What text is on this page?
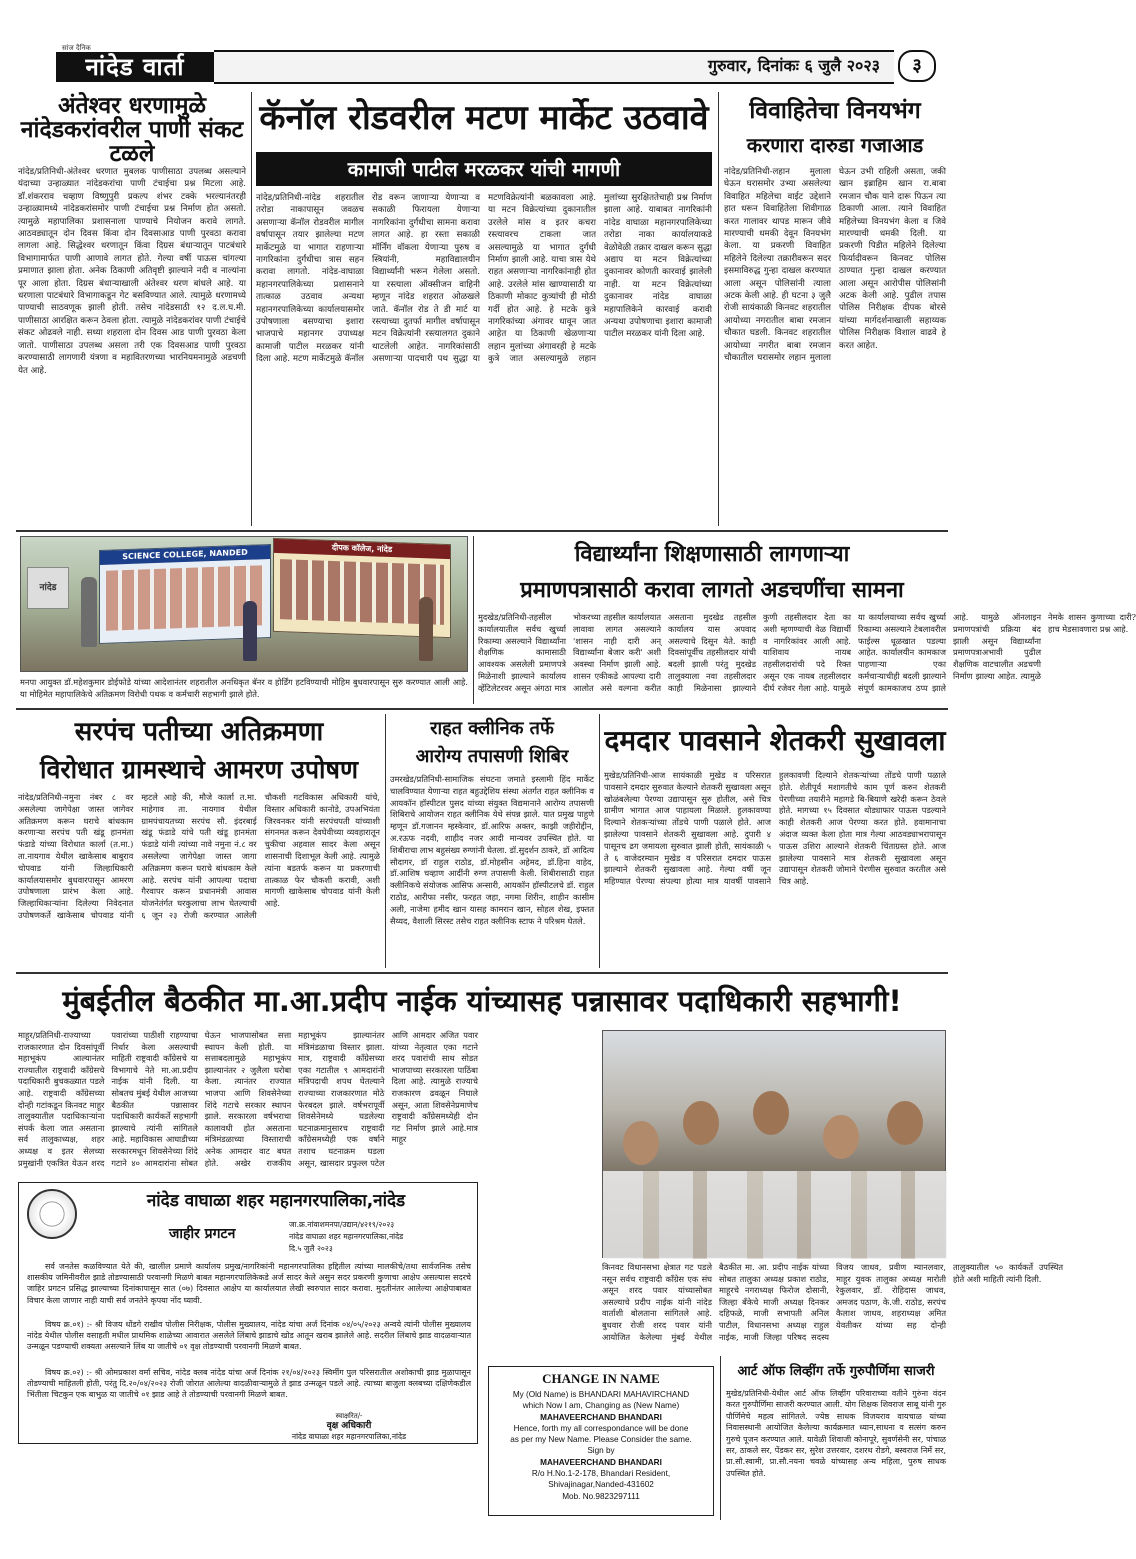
सांज दैनिक
नांदेड वार्ता	गुरुवार, दिनांकः ६ जुलै २०२३	३
अंतेश्वर धरणामुळे नांदेडकरांवरील पाणी संकट टळले
नांदेड/प्रतिनिधी-अंतेश्वर धरणात मुबलक पाणीसाठा उपलब्ध असल्याने यंदाच्या उन्हाळ्यात नांदेडकरांचा पाणी टंचाईचा प्रश्न मिटला आहे. डॉ.शंकरराव चव्हाण विष्णुपुरी प्रकल्प शंभर टक्के भरल्यानंतरही उन्हाळ्यामध्ये नांदेडकरांसमोर पाणी टंचाईचा प्रश्न निर्माण होत असतो. त्यामुळे महापालिका प्रशासनाला पाण्याचे नियोजन करावे लागते. आठवड्यातून दोन दिवस किंवा दोन दिवसाआड पाणी पुरवठा करावा लागला आहे. सिद्धेश्वर धरणातून किंवा दिग्रस बंधाऱ्यातून पाटबंधारे विभागामार्फत पाणी आणावे लागत होते. गेल्या वर्षी पाऊस चांगल्या प्रमाणात झाला होता. अनेक ठिकाणी अतिवृष्टी झाल्याने नदी व नाल्यांना पूर आला होता. दिग्रस बंधाऱ्याखाली अंतेश्वर धरण बांधले आहे. या धरणाला पाटबंधारे विभागाकडून गेट बसविण्यात आले. त्यामुळे धरणामध्ये पाण्याची साठवणूक झाली होती. तसेच नांदेडसाठी १२ द.ल.घ.मी. पाणीसाठा आरक्षित करून ठेवला होता. त्यामुळे नांदेडकरांवर पाणी टंचाईचे संकट ओढवले नाही. सध्या शहराला दोन दिवस आड पाणी पुरवठा केला जातो. पाणीसाठा उपलब्ध असला तरी एक दिवसआड पाणी पुरवठा करण्यासाठी लागणारी यंत्रणा व महावितरणच्या भारनियमनामुळे अडचणी येत आहे.
कॅनॉल रोडवरील मटण मार्केट उठवावे
कामाजी पाटील मरळकर यांची मागणी
नांदेड/प्रतिनिधी-नांदेड शहरातील तरोडा नाकापासून जवळच असणाऱ्या कॅनॉल रोडवरील मागील वर्षापासून तयार झालेल्या मटण मार्केटमुळे या भागात राहणाऱ्या नागरिकांना दुर्गंधीचा त्रास सहन करावा लागतो. नांदेड-वाघाळा महानगरपालिकेच्या प्रशासनाने तात्काळ उठवाव अन्यथा महानगरपालिकेच्या कार्यालयासमोर उपोषणाला बसण्याचा इशारा भाजपाचे महानगर उपाध्यक्ष कामाजी पाटील मरळकर यांनी दिला आहे. मटण मार्केटमुळे कॅनॉल रोड वरून जाणाऱ्या येणाऱ्या व सकाळी फिरायला येणाऱ्या नागरिकांना दुर्गंधीचा सामना करावा लागत आहे. हा रस्ता सकाळी मॉर्निंग वॉकला येणाऱ्या पुरुष व स्त्रियांनी, महाविद्यालयीन विद्यार्थ्यांनी भरून गेलेला असतो. या रस्त्याला ऑक्सीजन वाहिनी म्हणून नांदेड शहरात ओळखले जाते. कॅनॉल रोड ते डी मार्ट या रस्त्याच्या दुतर्फा मागील वर्षापासून मटन विक्रेत्यांनी रस्त्यालगत दुकाने थाटलेली आहेत. नागरिकांसाठी असणाऱ्या पादचारी पथ सुद्धा या मटणविक्रेत्यांनी बळकावला आहे. या मटन विक्रेत्यांच्या दुकानातील उरलेले मांस व इतर कचरा रस्त्यावरच टाकला जात असल्यामुळे या भागात दुर्गंधी निर्माण झाली आहे. याचा त्रास येथे राहत असणाऱ्या नागरिकांनाही होत आहे. उरलेले मांस खाण्यासाठी या ठिकाणी मोकाट कुत्र्यांची ही मोठी गर्दी होत आहे. हे मटके कुत्रे नागरिकांच्या अंगावर धावून जात आहेत या ठिकाणी खेळणाऱ्या लहान मुलांच्या अंगावरही हे मटके कुत्रे जात असल्यामुळे लहान मुलांच्या सुरक्षिततेचाही प्रश्न निर्माण झाला आहे. याबाबत नागरिकांनी नांदेड वाघाळा महानगरपालिकेच्या तरोडा नाका कार्यालयाकडे वेळोवेळी तक्रार दाखल करून सुद्धा अद्याप या मटन विक्रेत्यांच्या दुकानावर कोणती कारवाई झालेली नाही. या मटन विक्रेत्यांच्या दुकानावर नांदेड वाघाळा महापालिकेने कारवाई करावी अन्यथा उपोषणाचा इशारा कामाजी पाटील मरळकर यांनी दिला आहे.
विवाहितेचा विनयभंग
करणारा दारुडा गजाआड
नांदेड/प्रतिनिधी-लहान मुलाला घेऊन घरासमोर उभ्या असलेल्या विवाहित महिलेचा वाईट उद्देशाने हात धरून विवाहितेला शिवीगाळ करत गालावर थापड मारून जीवे मारण्याची धमकी देवून विनयभंग केला. या प्रकरणी विवाहित महिलेने दिलेल्या तक्रारीवरून सदर इसमाविरुद्ध गुन्हा दाखल करण्यात आला असून पोलिसांनी त्याला अटक केली आहे. ही घटना ३ जुलै रोजी सायंकाळी किनवट शहरातील आयोध्या नगरातील बाबा रमजान चौकात घडली. किनवट शहरातील आयोध्या नगरीत बाबा रमजान चौकातील घरासमोर लहान मुलाला घेऊन उभी राहिली असता, जकी खान इब्राहिम खान रा.बाबा रमजान चौक याने दारू पिऊन त्या ठिकाणी आला. त्याने विवाहित महिलेच्या विनयभंग केला व जिवे मारण्याची धमकी दिली. या प्रकरणी पिडीत महिलेने दिलेल्या फिर्यादीवरून किनवट पोलिस ठाण्यात गुन्हा दाखल करण्यात आला असून आरोपीस पोलिसांनी अटक केली आहे. पुढील तपास पोलिस निरीक्षक दीपक बोरसे यांच्या मार्गदर्शनाखाली सहाय्यक पोलिस निरीक्षक विशाल वाढवे हे करत आहेत.
नांदेड
SCIENCE COLLEGE, NANDED	दीपक कॉलेज, नांदेड
मनपा आयुक्त डॉ.महेशकुमार डोईफोडे यांच्या आदेशानंतर शहरातील अनधिकृत बॅनर व होर्डिंग हटविण्याची मोहिम बुधवारपासून सुरु करण्यात आली आहे. या मोहिमेत महापालिकेचे अतिक्रमण विरोधी पथक व कर्मचारी सहभागी झाले होते.
विद्यार्थ्यांना शिक्षणासाठी लागणाऱ्या
प्रमाणपत्रासाठी करावा लागतो अडचणींचा सामना
मुदखेड/प्रतिनिधी-तहसील कार्यालयातील सर्वच खुर्च्या रिकाम्या असल्याने विद्यार्थ्यांना शैक्षणिक कामासाठी आवश्यक असलेली प्रमाणपत्रे मिळेनाशी झाल्याने कार्यालय व्हेंटिलेटरवर असून अंगठा मात्र भोकरच्या तहसील कार्यालयात लावावा लागत असल्याने 'शासन नाही दारी अन् विद्यार्थ्यांना बेजार करी' अशी अवस्था निर्माण झाली आहे. शासन एकीकडे आपल्या दारी आलोत असे वल्गना करीत असताना मुदखेड तहसील कार्यालय यास अपवाद असल्याचे दिसून येते. काही दिवसांपूर्वीच तहसीलदार यांची बदली झाली परंतु मुदखेड तालुक्याला नवा तहसीलदार काही मिळेनासा झाल्याने कुणी तहसीलदार देता का अशी म्हणण्याची वेळ विद्यार्थी व नागरिकांवर आली आहे. याशिवाय नायब तहसीलदारांची पदे रिक्त असून एक नायब तहसीलदार दीर्घ रजेवर गेला आहे. यामुळे या कार्यालयाच्या सर्वच खुर्च्या रिकाम्या असल्याने टेबलावरील फाईल्स धूळखात पडल्या आहेत. कार्यालयीन कामकाज पाहणाऱ्या एका कर्मचाऱ्याचीही बदली झाल्याने संपूर्ण कामकाजच ठप्प झाले आहे. यामुळे ऑनलाइन प्रमाणपत्रांची प्रक्रिया बंद झाली असून विद्यार्थ्यांना प्रमाणपत्राअभावी पुढील शैक्षणिक वाटचालीत अडचणी निर्माण झाल्या आहेत. त्यामुळे नेमके शासन कुणाच्या दारी? हाच मेडसावणारा प्रश्न आहे.
सरपंच पतीच्या अतिक्रमणा
विरोधात ग्रामस्थाचे आमरण उपोषण
नांदेड/प्रतिनिधी-नमुना नंबर ८ वर असलेल्या जागेपेक्षा जास्त जागेवर अतिक्रमण करून घराचे बांधकाम करणाऱ्या सरपंच पती खंडू हानमंता फंडाडे यांच्या विरोधात कार्ला (त.मा.) ता.नायगाव येथील खाकेसाब बाबुराव चोपवाड यांनी जिल्हाधिकारी कार्यालयासमोर बुधवारपासून आमरण उपोषणाला प्रारंभ केला आहे. जिल्हाधिकाऱ्यांना दिलेल्या निवेदनात उपोषणकर्ते खाकेसाब चोपवाड यांनी म्हटले आहे की, मौजे कार्ला त.मा. माहेगाव ता. नायगाव येथील ग्रामपंचायतच्या सरपंच सौ. इंदरबाई खंडू फंडाडे यांचे पती खंडू हानमंता फंडाडे यांनी त्यांच्या नावे नमुना नं.८ वर असलेल्या जागेपेक्षा जास्त जागा अतिक्रमण करून घराचे बांधकाम केले आहे. सरपंच यांनी आपल्या पदाचा गैरवापर करून प्रधानमंत्री आवास योजनेतंर्गत घरकुलाचा लाभ घेतल्याची ६ जून २३ रोजी करण्यात आलेली चौकशी गटविकास अधिकारी यांचे, विस्तार अधिकारी कानोडे, उपअभियंता जिरवनकर यांनी सरपंचपती यांच्याशी संगनमत करून देवघेवीच्या व्यवहारातून चुकीचा अहवाल सादर केला असून शासनाची दिशाभूल केली आहे. त्यामुळे त्यांना बडतर्फ करून या प्रकरणाची तात्काळ फेर चौकशी करावी, अशी मागणी खाकेसाब चोपवाड यांनी केली आहे.
राहत क्लीनिक तर्फे
आरोग्य तपासणी शिबिर
उमरखेड/प्रतिनिधी-सामाजिक संघटना जमाते इस्लामी हिंद मार्केट चालविण्यात येणाऱ्या राहत बहुउद्देशिय संस्था अंतर्गत राहत क्लीनिक व आयकॉन हॉस्पीटल पुसद यांच्या संयुक्त विद्यमानाने आरोग्य तपासणी शिबिराचे आयोजन राहत क्लीनिक येथे संपन्न झाले. यात प्रमुख पाहुणे म्हणून डॉ.गजानन म्हस्केवार, डॉ.आरिफ अक्तर, काझी जहीरोद्दीन, अ.रऊफ नदवी, शाहीद नजर आदी मान्यवर उपस्थित होते. या शिबीराचा लाभ बहुसंख्य रुग्णांनी घेतला. डॉ.सुदर्शन ठाकरे, डॉ आदित्य सौदागर, डॉ राहुल राठोड, डॉ.मोहसीन अहेमद, डॉ.हिना वाहेद, डॉ.आशिष चव्हाण आदींनी रुग्ण तपासणी केली. शिबीरासाठी राहत क्लीनिकचे संयोजक आसिफ अन्सारी, आयकॉन हॉस्पीटलचे डॉ. राहुल राठोड, आरीफा नसीर, फरहत जहा, नगमा शिरीन, शाहीन कासीम अली, नाजेमा हमीद खान यासह कामरान खान, सोहल शेख, इफ्तत सैय्यद, वैशाली सिरस्ट तसेच राहत क्लीनिक स्टाफ ने परिश्रम घेतले.
दमदार पावसाने शेतकरी सुखावला
मुखेड/प्रतिनिधी-आज सायंकाळी मुखेड व परिसरात पावसाने दमदार सुरुवात केल्याने शेतकरी सुखावला असून खोळंबलेल्या पेरण्या उद्यापासून सुरु होतील, असे चित्र ग्रामीण भागात आज पाहायला मिळाले. हुलकावण्या दिल्याने शेतकऱ्यांच्या तोंडचे पाणी पळाले होते. आज झालेल्या पावसाने शेतकरी सुखावला आहे. दुपारी ४ पासूनच ढग जमायला सुरुवात झाली होती, सायंकाळी ५ ते ६ वाजेदरम्यान मुखेड व परिसरात दमदार पाऊस झाल्याने शेतकरी सुखावला आहे. गेल्या वर्षी जून महिण्यात पेरण्या संपल्या होत्या मात्र यावर्षी पावसाने हुलकावणी दिल्याने शेतकऱ्यांच्या तोंडचे पाणी पळाले होते. शेतीपूर्व मशागतीचे काम पूर्ण करुन शेतकरी पेरणीच्या तयारीने महागडे बि-बियाणे खरेदी करून ठेवले होते. मागच्या १५ दिवसात थोड्याफार पाऊस पडल्याने काही शेतकरी आज पेरण्या करत होते. हवामानाचा अंदाज व्यक्त केला होता मात्र गेल्या आठवड्याभरापासून पाऊस उशिरा आल्याने शेतकरी चिंताग्रस्त होते. आज झालेल्या पावसाने मात्र शेतकरी सुखावला असून उद्यापासून शेतकरी जोमाने पेरणीस सुरुवात करतील असे चित्र आहे.
मुंबईतील बैठकीत मा.आ.प्रदीप नाईक यांच्यासह पन्नासावर पदाधिकारी सहभागी!
माहूर/प्रतिनिधी-राज्याच्या राजकारणात दोन दिवसांपूर्वी महाभूकंप आल्यानंतर राज्यातील राष्ट्रवादी काँग्रेसचे पदाधिकारी बुचकळ्यात पडले आहे. राष्ट्रवादी काँग्रेसच्या दोन्ही गटांकडून किनवट माहूर तालुक्यातील पदाधिकाऱ्यांना संपर्क केला जात असताना सर्व तालुकाध्यक्ष, शहर अध्यक्ष व इतर सेलच्या प्रमुखांनी एकत्रित येऊन शरद पवारांच्या पाठीशी राहण्याचा निर्धार केला असल्याची माहिती राष्ट्रवादी काँग्रेसचे या विभागाचे नेते मा.आ.प्रदीप नाईक यांनी दिली. या सोबतच मुंबई येथील आजच्या बैठकीत पन्नासावर पदाधिकारी कार्यकर्ते सहभागी झाल्याचे त्यांनी सांगितले आहे. महाविकास आघाडीच्या सरकारमधून शिवसेनेच्या शिंदे गटाने ४० आमदारांना सोबत घेऊन भाजपासोबत सत्ता स्थापन केली होती. या सत्ताबदलामुळे महाभूकंप झाल्यानंतर २ जुलैला घरोबा केला. त्यानंतर राज्यात भाजपा आणि शिवसेनेच्या शिंदे गटाचे सरकार स्थापन झाले. सरकारला वर्षभराचा कालावधी होत असताना मंत्रिमंडळाच्या विस्ताराची अनेक आमदार वाट बघत होते. अखेर राजकीय महाभूकंप झाल्यानंतर मंत्रिमंडळाचा विस्तार झाला. मात्र, राष्ट्रवादी काँग्रेसच्या एका गटातील ९ आमदारांनी मंत्रिपदाची शपथ घेतल्याने राज्याच्या राजकारणात मोठे फेरबदल झाले. वर्षभरापूर्वी शिवसेनेमध्ये घडलेल्या घटनाक्रमानुसारच राष्ट्रवादी काँग्रेसमध्येही एक वर्षाने तशाच घटनाक्रम घडला असून, खासदार प्रफुल्ल पटेल आणि आमदार अजित पवार यांच्या नेतृत्वात एका गटाने शरद पवारांची साथ सोडत भाजपाच्या सरकारला पाठिंबा दिला आहे. त्यामुळे राज्याचे राजकारण ढवळून निघाले असून, आता शिवसेनेप्रमाणेच राष्ट्रवादी काँग्रेसमध्येही दोन गट निर्माण झाले आहे.मात्र माहूर
किनवट विधानसभा क्षेत्रात गट पडले नसून सर्वच राष्ट्रवादी काँग्रेस एक संघ असून शरद पवार यांच्यासोबत असल्याचे प्रदीप नाईक यांनी नांदेड वार्ताशी बोलताना सांगितले आहे. बुधवार रोजी शरद पवार यांनी आयोजित केलेल्या मुंबई येथील बैठकीत मा. आ. प्रदीप नाईक यांच्या सोबत तालुका अध्यक्ष प्रकाश राठोड, माहूरचे नगराध्यक्ष फिरोज दोसानी, जिल्हा बँकेचे माजी अध्यक्ष दिनकर दहिफळे, माजी सभापती अनिल पाटील, विधानसभा अध्यक्ष राहुल नाईक, माजी जिल्हा परिषद सदस्य विजय जाधव, प्रवीण म्यानलवार, माहूर युवक तालुका अध्यक्ष मारोती रेकुलवार, डॉ. रोहिदास जाधव, अमजद पठाण, के.जी. राठोड, सरपंच कैलाश जाधव, शहराध्यक्ष अमित येवतीकर यांच्या सह दोन्ही तालुक्यातील ५० कार्यकर्ते उपस्थित होते अशी माहिती त्यांनी दिली.
नांदेड वाघाळा शहर महानगरपालिका,नांदेड
जाहीर प्रगटन
जा.क्र.नांवाशमनपा/उद्यान/४२१९/२०२३
नांदेड वाघाळा शहर महानगरपालिका,नांदेड
दि.५ जुलै २०२३
सर्व जनतेस कळविण्यात येते की, खालील प्रमाणे कार्यालय प्रमुख/नागरिकांनी महानगरपालिका हद्दितील त्यांच्या मालकीचे/तथा सार्वजनिक तसेच शासकीय जमिनीवरील झाडे तोडण्यासाठी परवानगी मिळणे बाबत महानगरपालिकेकडे अर्ज सादर केले असुन सदर प्रकरणी कुणाचा आक्षेप असल्यास सदरचे जाहिर प्रगटन प्रसिद्ध झाल्याच्या दिनांकापासून सात (०७) दिवसात आक्षेप या कार्यालयात लेखी स्वरुपात सादर करावा. मुदतीनंतर आलेल्या आक्षेपाबाबत विचार केला जाणार नाही याची सर्व जनतेने कृपया नोंद घ्यावी.
विषय क्र.०१) :- श्री विजय धोंडगे राखीव पोलीस निरीक्षक, पोलीस मुख्यालय, नांदेड यांचा अर्ज दिनांक ०४/०५/२०२३ अन्वये त्यांनी पोलीस मुख्यालय नांदेड येथील पोलीस वसाहती मधील प्राथमिक शाळेच्या आवारात असलेले लिंबाचे झाडाचे खोड आतून खराब झालेले आहे. सदरील लिंबाचे झाड वादळवाऱ्यात उन्मळून पडण्याची शक्यता असल्याने लिंब या जातीचे ०१ वृक्ष तोडण्याची परवानगी मिळणे बाबत.
विषय क्र.०२) :- श्री ओमप्रकाश वर्मा सचिव, नांदेड क्लब नांदेड यांचा अर्ज दिनांक २१/०४/२०२३ स्विमींग पुल परिसरातील अशोकाची झाड मुळापासून तोडण्याची माहितली होती, परंतु दि.२०/०४/२०२३ रोजी जोरात आलेल्या वादळीवाऱ्यामुळे ते झाड उन्मळून पडले आहे. त्याच्या बाजुला क्लबच्या दक्षिणेकडील भिंतीला चिटकुन एक बाभुळ या जातीचे ०१ झाड आहे ते तोडण्याची परवानगी मिळणे बाबत.
स्वाक्षरित/-
वृक्ष अधिकारी
नांदेड वाघाळा शहर महानगरपालिका,नांदेड
CHANGE IN NAME
My (Old Name) is BHANDARI MAHAVIRCHAND
which Now I am, Changing as (New Name)
MAHAVEERCHAND BHANDARI
Hence, forth my all correspondance will be done
as per my New Name. Please Consider the same.
Sign by
MAHAVEERCHAND BHANDARI
R/o H.No.1-2-178, Bhandari Resident,
Shivajinagar,Nanded-431602
Mob. No.9823297111
आर्ट ऑफ लिव्हींग तर्फे गुरुपौर्णिमा साजरी
मुखेड/प्रतिनिधी-येथील आर्ट ऑफ लिव्हींग परिवाराच्या वतीने गुरुंना वंदन करत गुरुपौर्णिमा साजरी करण्यात आली. योग शिक्षक शिवराज साबू यांनी गुरु पौर्णिमेचे महत्व सांगितले. ज्येष्ठ साधक विजयराव वायचाळ यांच्या निवासस्थानी आयोजित केलेल्या कार्यक्रमात ध्यान,साधना व सत्संग करुन गुरुचे पूजन करण्यात आले. यावेळी शिवाजी कोनापूरे, सुवर्णसेनी सर, पांचाळ सर, ठाकले सर, पेंडकर सर, सुरेश उत्तरवार, दशरथ रोडगे, बस्वराज निर्मे सर, प्रा.सौ.स्वामी, प्रा.सौ.नयना चवळे यांच्यासह अन्य महिला, पुरुष साधक उपस्थित होते.
